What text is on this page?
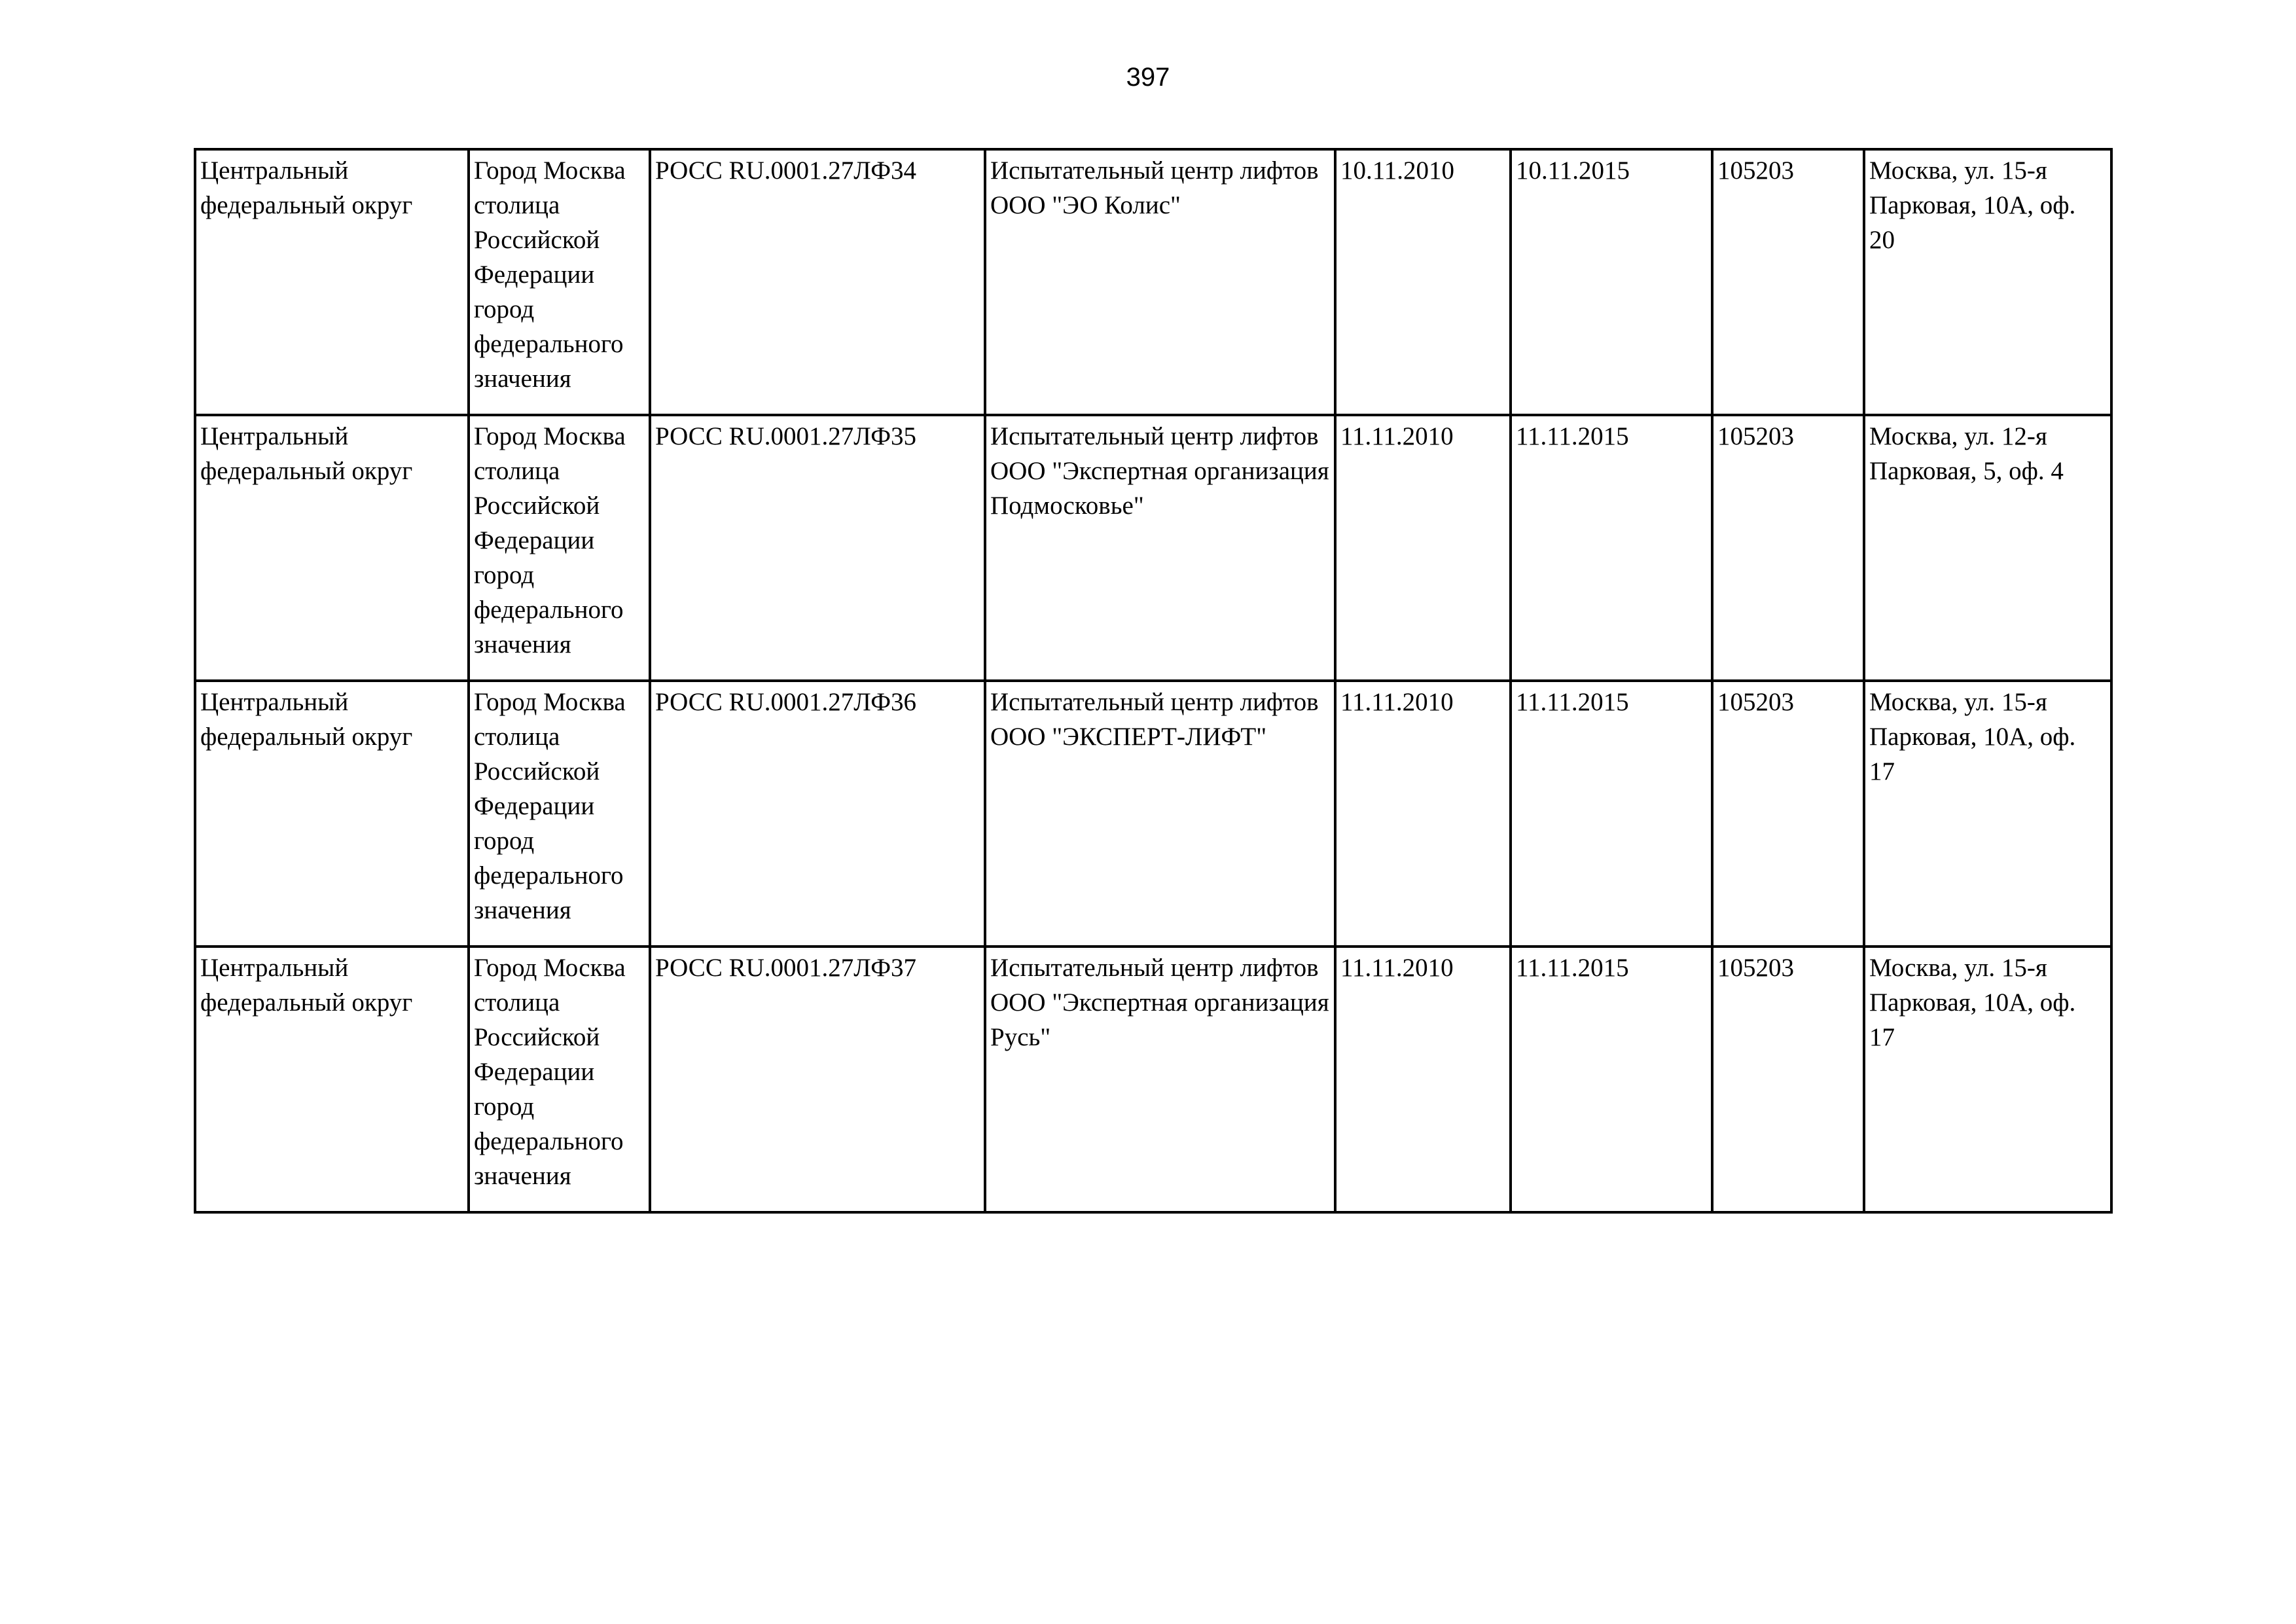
397
Центральный федеральный округ	Город Москва столица Российской Федерации город федерального значения	РОСС RU.0001.27ЛФ34	Испытательный центр лифтов ООО "ЭО Колис"	10.11.2010	10.11.2015	105203	Москва, ул. 15-я Парковая, 10А, оф. 20

Центральный федеральный округ	Город Москва столица Российской Федерации город федерального значения	РОСС RU.0001.27ЛФ35	Испытательный центр лифтов ООО "Экспертная организация Подмосковье"	11.11.2010	11.11.2015	105203	Москва, ул. 12-я Парковая, 5, оф. 4

Центральный федеральный округ	Город Москва столица Российской Федерации город федерального значения	РОСС RU.0001.27ЛФ36	Испытательный центр лифтов ООО "ЭКСПЕРТ-ЛИФТ"	11.11.2010	11.11.2015	105203	Москва, ул. 15-я Парковая, 10А, оф. 17

Центральный федеральный округ	Город Москва столица Российской Федерации город федерального значения	РОСС RU.0001.27ЛФ37	Испытательный центр лифтов ООО "Экспертная организация Русь"	11.11.2010	11.11.2015	105203	Москва, ул. 15-я Парковая, 10А, оф. 17
